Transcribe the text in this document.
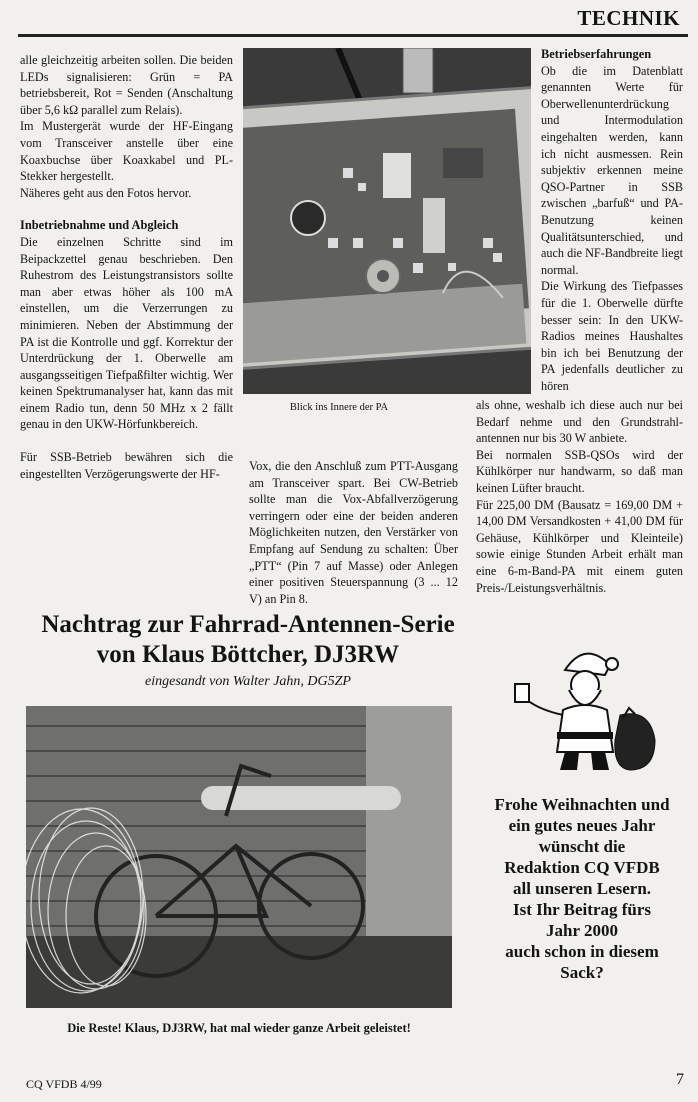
TECHNIK

alle gleichzeitig arbeiten sollen. Die beiden LEDs signalisieren: Grün = PA betriebsbereit, Rot = Senden (Anschaltung über 5,6 kΩ parallel zum Relais).

Im Mustergerät wurde der HF-Eingang vom Transceiver anstelle über eine Koaxbuchse über Koaxkabel und PL-Stekker hergestellt.

Näheres geht aus den Fotos hervor.

Inbetriebnahme und Abgleich

Die einzelnen Schritte sind im Beipackzettel genau beschrieben. Den Ruhestrom des Leistungstransistors sollte man aber etwas höher als 100 mA einstellen, um die Verzerrungen zu minimieren. Neben der Abstimmung der PA ist die Kontrolle und ggf. Korrektur der Unterdrückung der 1. Oberwelle am ausgangsseitigen Tiefpaßfilter wichtig. Wer keinen Spektrumanalyser hat, kann das mit einem Radio tun, denn 50 MHz x 2 fällt genau in den UKW-Hörfunkbereich.

Für SSB-Betrieb bewähren sich die eingestellten Verzögerungswerte der HF-

Blick ins Innere der PA

Vox, die den Anschluß zum PTT-Ausgang am Transceiver spart. Bei CW-Betrieb sollte man die Vox-Abfallverzögerung verringern oder eine der beiden anderen Möglichkeiten nutzen, den Verstärker von Empfang auf Sendung zu schalten: Über „PTT“ (Pin 7 auf Masse) oder Anlegen einer positiven Steuerspannung (3 ... 12 V) an Pin 8.

Betriebserfahrungen

Ob die im Datenblatt genannten Werte für Oberwellenunterdrückung und Intermodulation eingehalten werden, kann ich nicht ausmessen. Rein subjektiv erkennen meine QSO-Partner in SSB zwischen „barfuß“ und PA-Benutzung keinen Qualitätsunterschied, und auch die NF-Bandbreite liegt normal.

Die Wirkung des Tiefpasses für die 1. Oberwelle dürfte besser sein: In den UKW-Radios meines Haushaltes bin ich bei Benutzung der PA jedenfalls deutlicher zu hören

als ohne, weshalb ich diese auch nur bei Bedarf nehme und den Grundstrahl-antennen nur bis 30 W anbiete.

Bei normalen SSB-QSOs wird der Kühlkörper nur handwarm, so daß man keinen Lüfter braucht.

Für 225,00 DM (Bausatz = 169,00 DM + 14,00 DM Versandkosten + 41,00 DM für Gehäuse, Kühlkörper und Kleinteile) sowie einige Stunden Arbeit erhält man eine 6-m-Band-PA mit einem guten Preis-/Leistungsverhältnis.

Nachtrag zur Fahrrad-Antennen-Serie
von Klaus Böttcher, DJ3RW
eingesandt von Walter Jahn, DG5ZP
Die Reste! Klaus, DJ3RW, hat mal wieder ganze Arbeit geleistet!
Frohe Weihnachten und
ein gutes neues Jahr
wünscht die
Redaktion CQ VFDB
all unseren Lesern.
Ist Ihr Beitrag fürs
Jahr 2000
auch schon in diesem
Sack?
CQ VFDB 4/99	7
